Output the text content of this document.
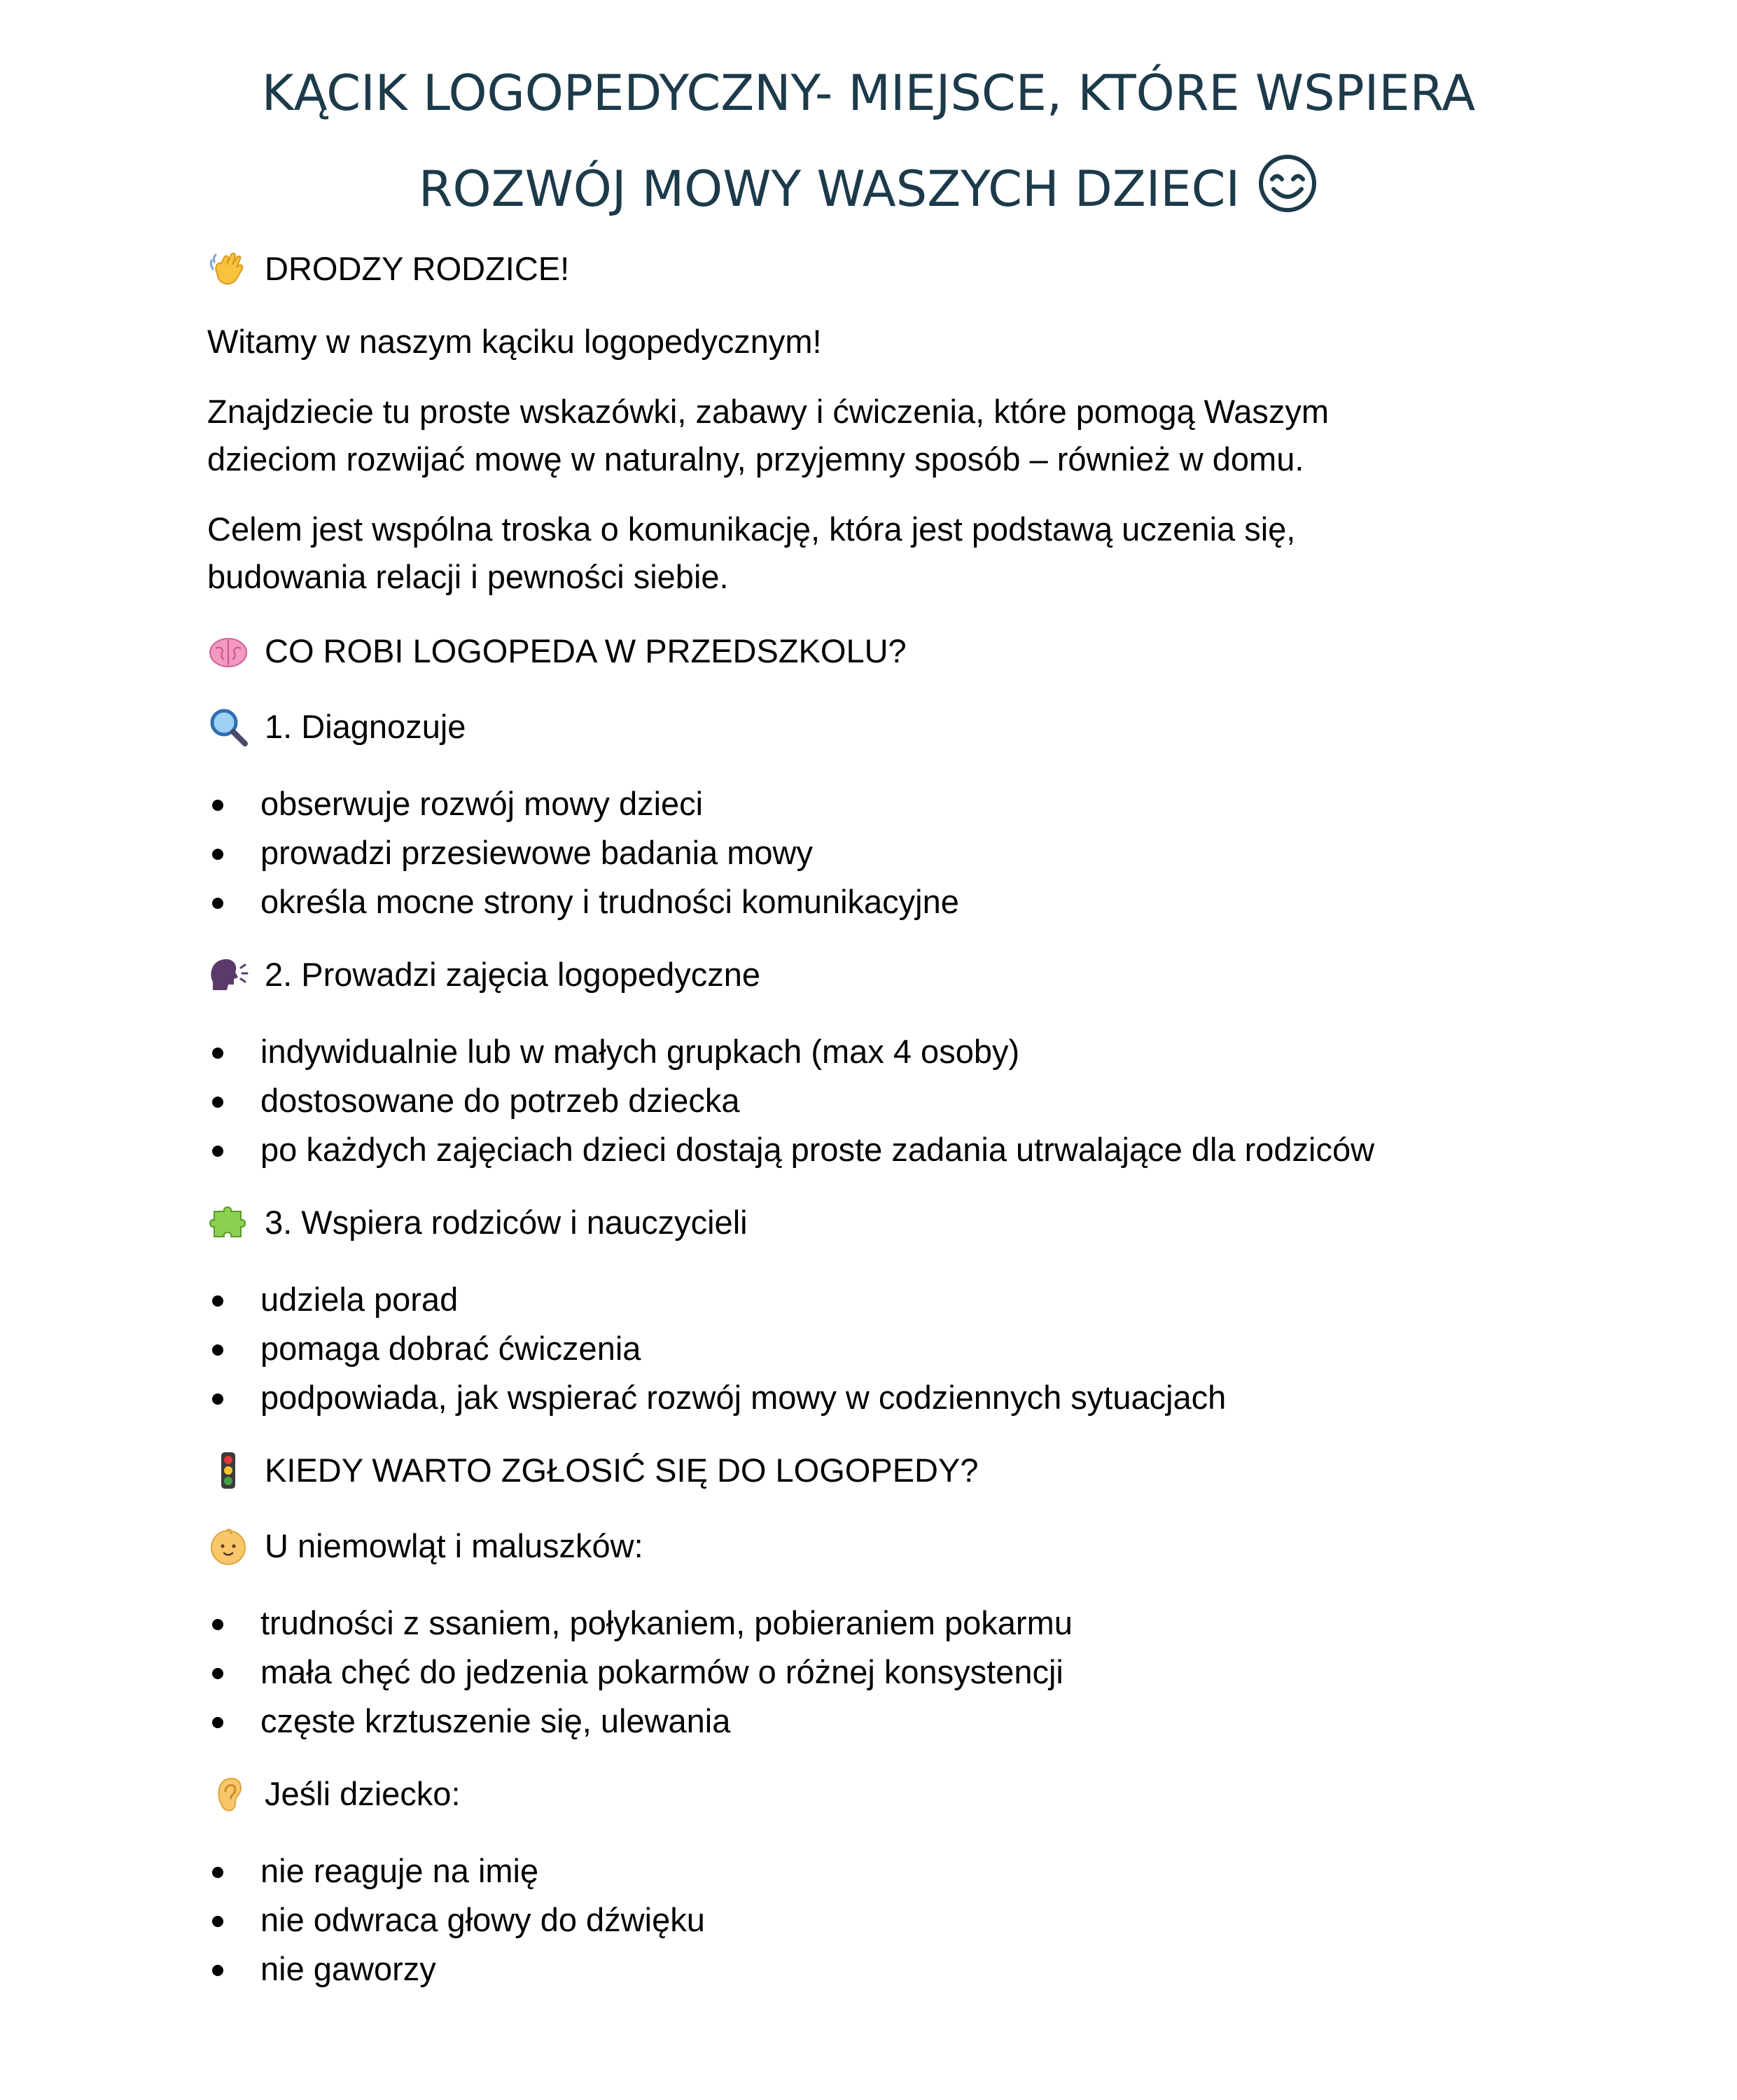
KĄCIK LOGOPEDYCZNY- MIEJSCE, KTÓRE WSPIERA
ROZWÓJ MOWY WASZYCH DZIECI
DRODZY RODZICE!
Witamy w naszym kąciku logopedycznym!
Znajdziecie tu proste wskazówki, zabawy i ćwiczenia, które pomogą Waszym
dzieciom rozwijać mowę w naturalny, przyjemny sposób – również w domu.
Celem jest wspólna troska o komunikację, która jest podstawą uczenia się,
budowania relacji i pewności siebie.
CO ROBI LOGOPEDA W PRZEDSZKOLU?
1. Diagnozuje
obserwuje rozwój mowy dzieci
prowadzi przesiewowe badania mowy
określa mocne strony i trudności komunikacyjne
2. Prowadzi zajęcia logopedyczne
indywidualnie lub w małych grupkach (max 4 osoby)
dostosowane do potrzeb dziecka
po każdych zajęciach dzieci dostają proste zadania utrwalające dla rodziców
3. Wspiera rodziców i nauczycieli
udziela porad
pomaga dobrać ćwiczenia
podpowiada, jak wspierać rozwój mowy w codziennych sytuacjach
KIEDY WARTO ZGŁOSIĆ SIĘ DO LOGOPEDY?
U niemowląt i maluszków:
trudności z ssaniem, połykaniem, pobieraniem pokarmu
mała chęć do jedzenia pokarmów o różnej konsystencji
częste krztuszenie się, ulewania
Jeśli dziecko:
nie reaguje na imię
nie odwraca głowy do dźwięku
nie gaworzy
